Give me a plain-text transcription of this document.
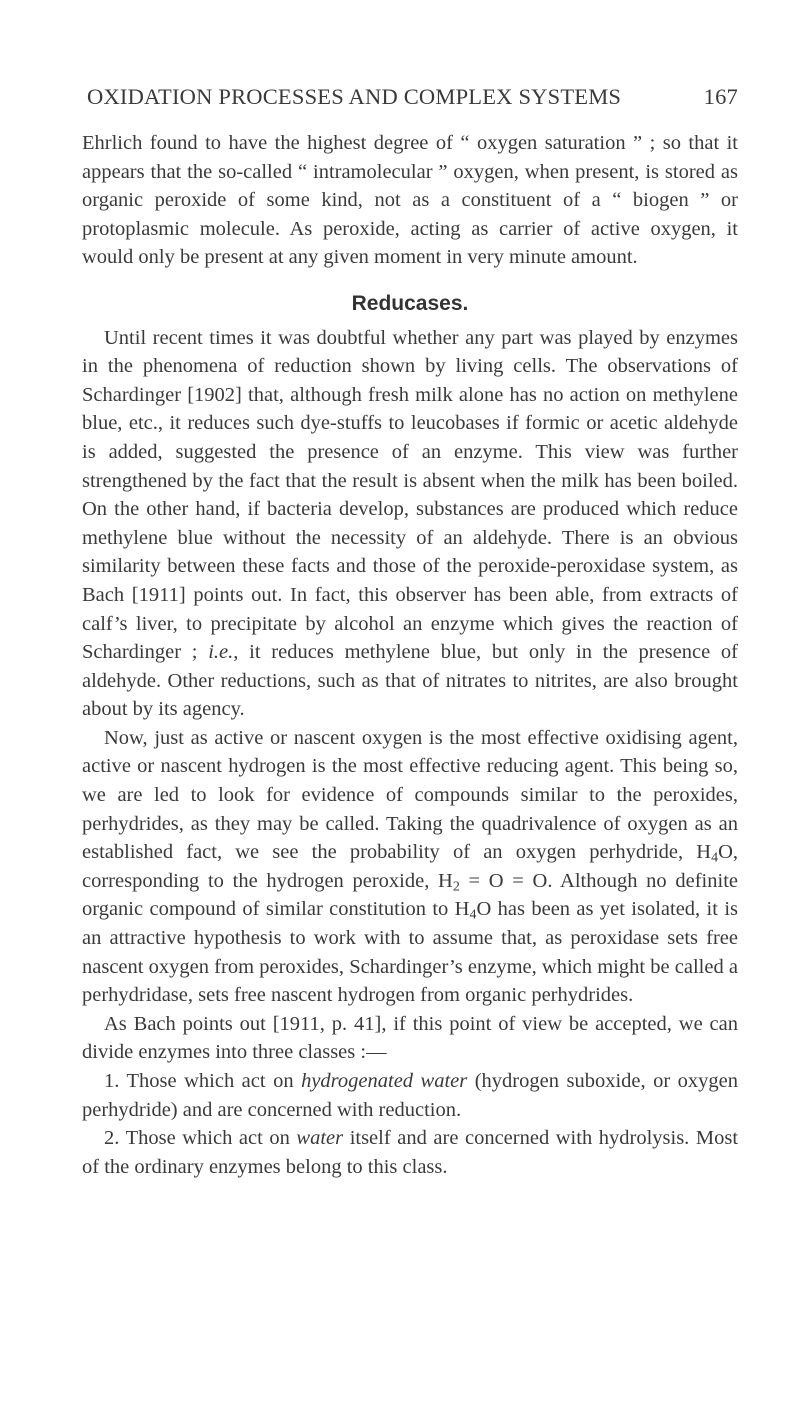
OXIDATION PROCESSES AND COMPLEX SYSTEMS	167

Ehrlich found to have the highest degree of “ oxygen saturation ” ; so that it appears that the so-called “ intramolecular ” oxygen, when present, is stored as organic peroxide of some kind, not as a constituent of a “ biogen ” or protoplasmic molecule. As peroxide, acting as carrier of active oxygen, it would only be present at any given moment in very minute amount.

Reducases.

Until recent times it was doubtful whether any part was played by enzymes in the phenomena of reduction shown by living cells. The observations of Schardinger [1902] that, although fresh milk alone has no action on methylene blue, etc., it reduces such dye-stuffs to leucobases if formic or acetic aldehyde is added, suggested the presence of an enzyme. This view was further strengthened by the fact that the result is absent when the milk has been boiled. On the other hand, if bacteria develop, substances are produced which reduce methylene blue without the necessity of an aldehyde. There is an obvious similarity between these facts and those of the peroxide-peroxidase system, as Bach [1911] points out. In fact, this observer has been able, from extracts of calf’s liver, to precipitate by alcohol an enzyme which gives the reaction of Schardinger ; i.e., it reduces methylene blue, but only in the presence of aldehyde. Other reductions, such as that of nitrates to nitrites, are also brought about by its agency.

Now, just as active or nascent oxygen is the most effective oxidising agent, active or nascent hydrogen is the most effective reducing agent. This being so, we are led to look for evidence of compounds similar to the peroxides, perhydrides, as they may be called. Taking the quadrivalence of oxygen as an established fact, we see the probability of an oxygen perhydride, $H_4O$, corresponding to the hydrogen peroxide, $H_2 = O = O$. Although no definite organic compound of similar constitution to $H_4O$ has been as yet isolated, it is an attractive hypothesis to work with to assume that, as peroxidase sets free nascent oxygen from peroxides, Schardinger’s enzyme, which might be called a perhydridase, sets free nascent hydrogen from organic perhydrides.

As Bach points out [1911, p. 41], if this point of view be accepted, we can divide enzymes into three classes :—

1. Those which act on hydrogenated water (hydrogen suboxide, or oxygen perhydride) and are concerned with reduction.

2. Those which act on water itself and are concerned with hydrolysis. Most of the ordinary enzymes belong to this class.
